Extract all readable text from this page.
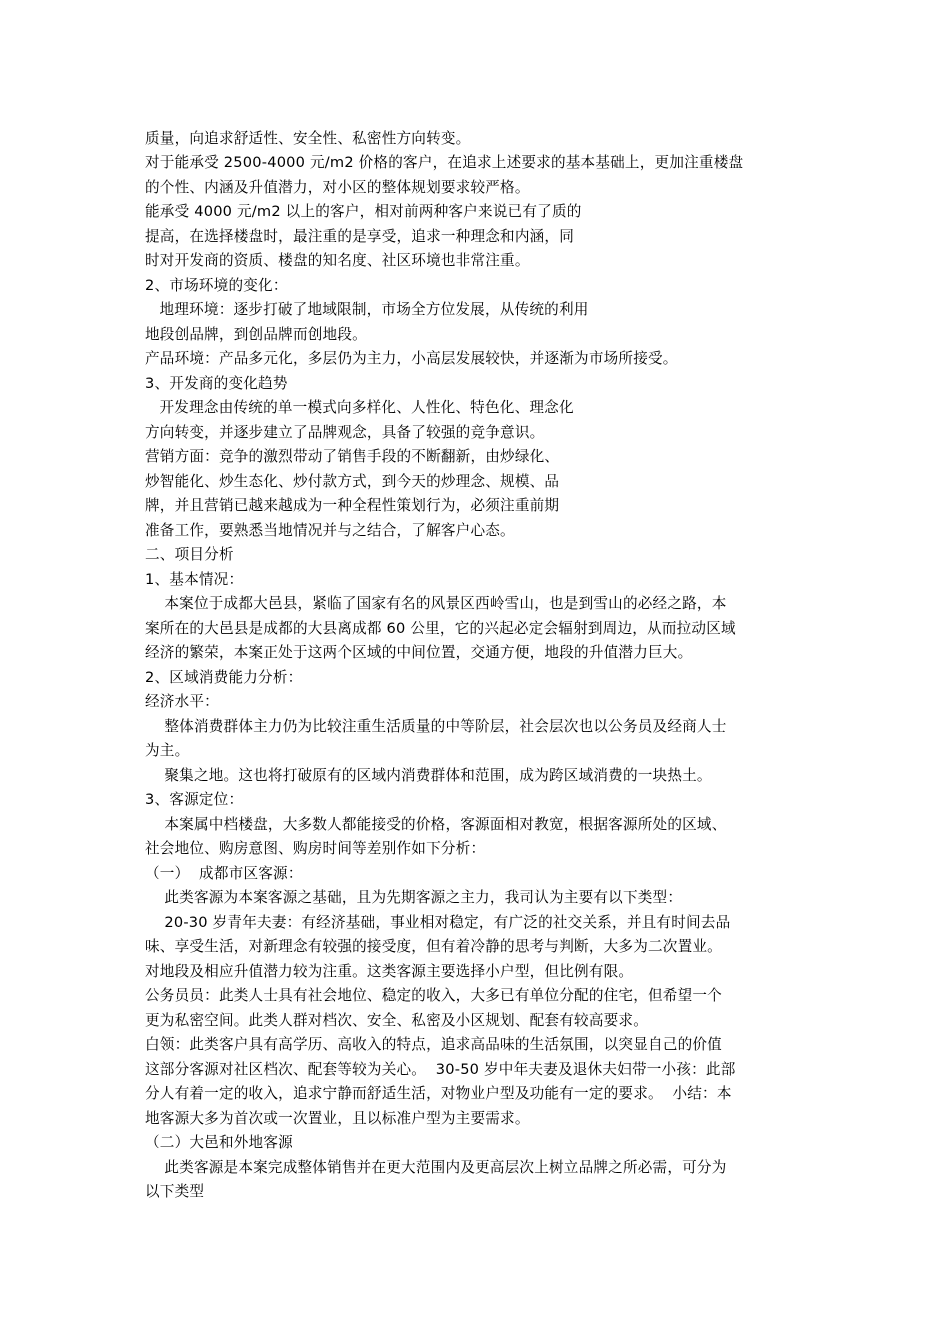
质量，向追求舒适性、安全性、私密性方向转变。
对于能承受 2500-4000 元/m2 价格的客户，在追求上述要求的基本基础上，更加注重楼盘
的个性、内涵及升值潜力，对小区的整体规划要求较严格。
能承受 4000 元/m2 以上的客户，相对前两种客户来说已有了质的
提高，在选择楼盘时，最注重的是享受，追求一种理念和内涵，同
时对开发商的资质、楼盘的知名度、社区环境也非常注重。
2、市场环境的变化：
地理环境：逐步打破了地域限制，市场全方位发展，从传统的利用
地段创品牌，到创品牌而创地段。
产品环境：产品多元化，多层仍为主力，小高层发展较快，并逐渐为市场所接受。
3、开发商的变化趋势
开发理念由传统的单一模式向多样化、人性化、特色化、理念化
方向转变，并逐步建立了品牌观念，具备了较强的竞争意识。
营销方面：竞争的激烈带动了销售手段的不断翻新，由炒绿化、
炒智能化、炒生态化、炒付款方式，到今天的炒理念、规模、品
牌，并且营销已越来越成为一种全程性策划行为，必须注重前期
准备工作，要熟悉当地情况并与之结合，了解客户心态。
二、项目分析
1、基本情况：
本案位于成都大邑县，紧临了国家有名的风景区西岭雪山，也是到雪山的必经之路，本
案所在的大邑县是成都的大县离成都 60 公里，它的兴起必定会辐射到周边，从而拉动区域
经济的繁荣，本案正处于这两个区域的中间位置，交通方便，地段的升值潜力巨大。
2、区域消费能力分析：
经济水平：
整体消费群体主力仍为比较注重生活质量的中等阶层，社会层次也以公务员及经商人士
为主。
聚集之地。这也将打破原有的区域内消费群体和范围，成为跨区域消费的一块热土。
3、客源定位：
本案属中档楼盘，大多数人都能接受的价格，客源面相对教宽，根据客源所处的区域、
社会地位、购房意图、购房时间等差别作如下分析：
（一）  成都市区客源：
此类客源为本案客源之基础，且为先期客源之主力，我司认为主要有以下类型：
20-30 岁青年夫妻：有经济基础，事业相对稳定，有广泛的社交关系，并且有时间去品
味、享受生活，对新理念有较强的接受度，但有着冷静的思考与判断，大多为二次置业。
对地段及相应升值潜力较为注重。这类客源主要选择小户型，但比例有限。
公务员员：此类人士具有社会地位、稳定的收入，大多已有单位分配的住宅，但希望一个
更为私密空间。此类人群对档次、安全、私密及小区规划、配套有较高要求。
白领：此类客户具有高学历、高收入的特点，追求高品味的生活氛围，以突显自己的价值
这部分客源对社区档次、配套等较为关心。  30-50 岁中年夫妻及退休夫妇带一小孩：此部
分人有着一定的收入，追求宁静而舒适生活，对物业户型及功能有一定的要求。  小结：本
地客源大多为首次或一次置业，且以标准户型为主要需求。
（二）大邑和外地客源
此类客源是本案完成整体销售并在更大范围内及更高层次上树立品牌之所必需，可分为
以下类型
